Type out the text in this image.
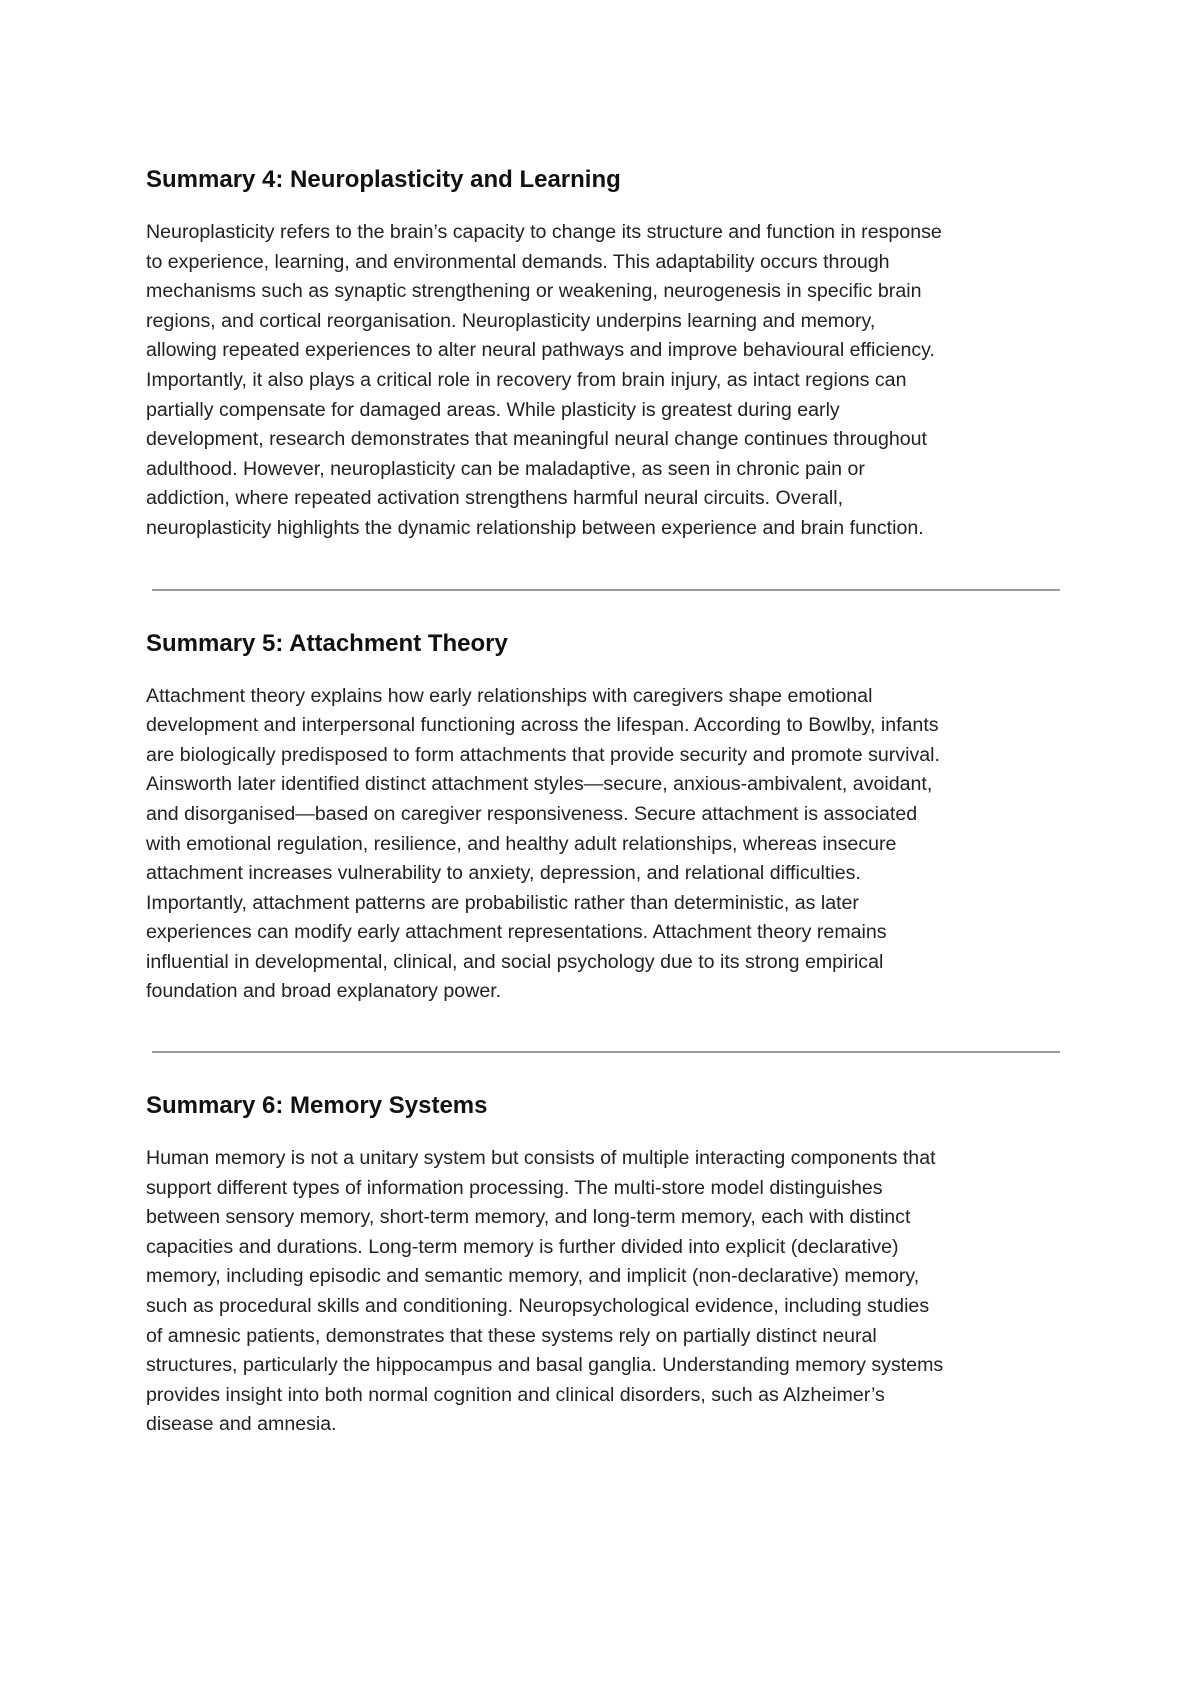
Summary 4: Neuroplasticity and Learning

Neuroplasticity refers to the brain’s capacity to change its structure and function in response
to experience, learning, and environmental demands. This adaptability occurs through
mechanisms such as synaptic strengthening or weakening, neurogenesis in specific brain
regions, and cortical reorganisation. Neuroplasticity underpins learning and memory,
allowing repeated experiences to alter neural pathways and improve behavioural efficiency.
Importantly, it also plays a critical role in recovery from brain injury, as intact regions can
partially compensate for damaged areas. While plasticity is greatest during early
development, research demonstrates that meaningful neural change continues throughout
adulthood. However, neuroplasticity can be maladaptive, as seen in chronic pain or
addiction, where repeated activation strengthens harmful neural circuits. Overall,
neuroplasticity highlights the dynamic relationship between experience and brain function.

Summary 5: Attachment Theory

Attachment theory explains how early relationships with caregivers shape emotional
development and interpersonal functioning across the lifespan. According to Bowlby, infants
are biologically predisposed to form attachments that provide security and promote survival.
Ainsworth later identified distinct attachment styles—secure, anxious-ambivalent, avoidant,
and disorganised—based on caregiver responsiveness. Secure attachment is associated
with emotional regulation, resilience, and healthy adult relationships, whereas insecure
attachment increases vulnerability to anxiety, depression, and relational difficulties.
Importantly, attachment patterns are probabilistic rather than deterministic, as later
experiences can modify early attachment representations. Attachment theory remains
influential in developmental, clinical, and social psychology due to its strong empirical
foundation and broad explanatory power.

Summary 6: Memory Systems

Human memory is not a unitary system but consists of multiple interacting components that
support different types of information processing. The multi-store model distinguishes
between sensory memory, short-term memory, and long-term memory, each with distinct
capacities and durations. Long-term memory is further divided into explicit (declarative)
memory, including episodic and semantic memory, and implicit (non-declarative) memory,
such as procedural skills and conditioning. Neuropsychological evidence, including studies
of amnesic patients, demonstrates that these systems rely on partially distinct neural
structures, particularly the hippocampus and basal ganglia. Understanding memory systems
provides insight into both normal cognition and clinical disorders, such as Alzheimer’s
disease and amnesia.
